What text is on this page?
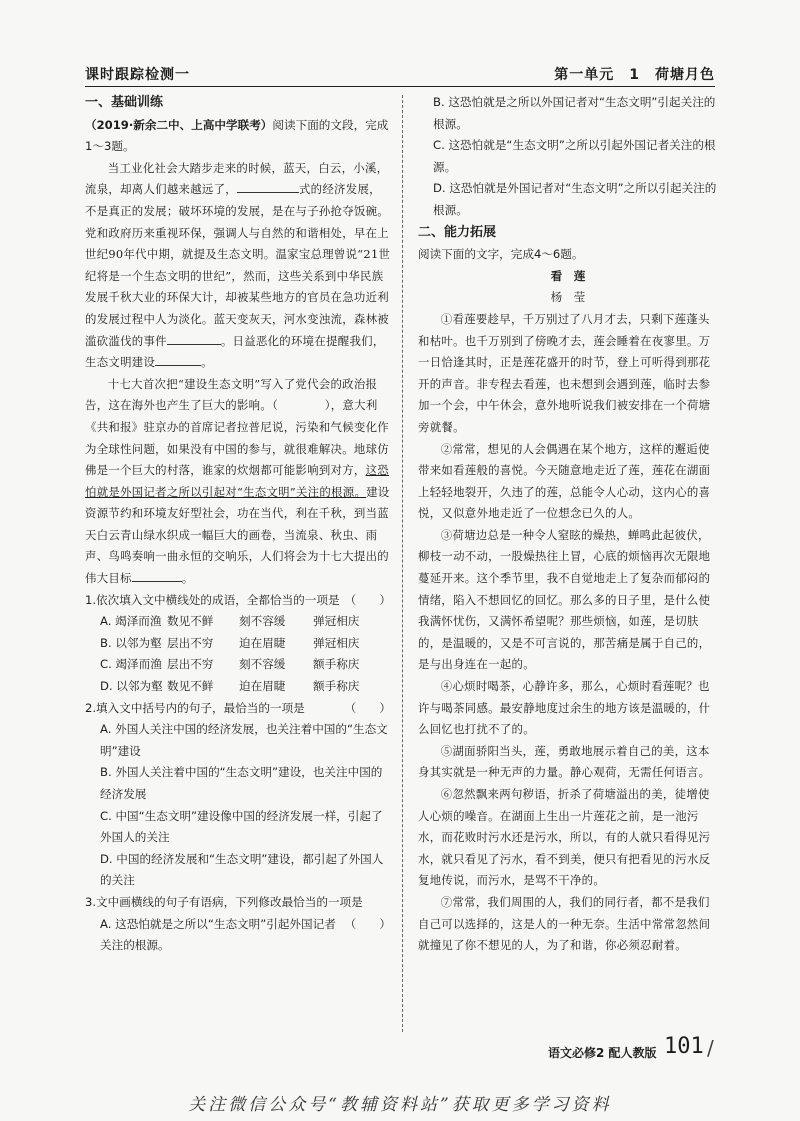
课时跟踪检测一	第一单元　1　荷塘月色

一、基础训练

（2019·新余二中、上高中学联考）阅读下面的文段，完成1～3题。

当工业化社会大踏步走来的时候，蓝天，白云，小溪，流泉，却离人们越来越远了，	式的经济发展，不是真正的发展；破坏环境的发展，是在与子孙抢夺饭碗。党和政府历来重视环保，强调人与自然的和谐相处，早在上世纪90年代中期，就提及生态文明。温家宝总理曾说“21世纪将是一个生态文明的世纪”，然而，这些关系到中华民族发展千秋大业的环保大计，却被某些地方的官员在急功近利的发展过程中人为淡化。蓝天变灰天，河水变浊流，森林被滥砍滥伐的事件	。日益恶化的环境在提醒我们，生态文明建设	。

十七大首次把“建设生态文明”写入了党代会的政治报告，这在海外也产生了巨大的影响。（　　　　），意大利《共和报》驻京办的首席记者拉普尼说，污染和气候变化作为全球性问题，如果没有中国的参与，就很难解决。地球仿佛是一个巨大的村落，谁家的炊烟都可能影响到对方，这恐怕就是外国记者之所以引起对“生态文明”关注的根源。建设资源节约和环境友好型社会，功在当代，利在千秋，到当蓝天白云青山绿水织成一幅巨大的画卷，当流泉、秋虫、雨声、鸟鸣奏响一曲永恒的交响乐，人们将会为十七大提出的伟大目标	。

1.依次填入文中横线处的成语，全都恰当的一项是 （　　）

A. 竭泽而渔 数见不鲜	刻不容缓	弹冠相庆
B. 以邻为壑 层出不穷	迫在眉睫	弹冠相庆
C. 竭泽而渔 层出不穷	刻不容缓	额手称庆
D. 以邻为壑 数见不鲜	迫在眉睫	额手称庆

2.填入文中括号内的句子，最恰当的一项是	（　　）

A. 外国人关注中国的经济发展，也关注着中国的“生态文明”建设

B. 外国人关注着中国的“生态文明”建设，也关注中国的经济发展

C. 中国“生态文明”建设像中国的经济发展一样，引起了外国人的关注

D. 中国的经济发展和“生态文明”建设，都引起了外国人的关注

3.文中画横线的句子有语病，下列修改最恰当的一项是
（　　）

A. 这恐怕就是之所以“生态文明”引起外国记者关注的根源。

B. 这恐怕就是之所以外国记者对“生态文明”引起关注的根源。

C. 这恐怕就是“生态文明”之所以引起外国记者关注的根源。

D. 这恐怕就是外国记者对“生态文明”之所以引起关注的根源。

二、能力拓展

阅读下面的文字，完成4～6题。

看　莲

杨　莹

①看莲要趁早，千万别过了八月才去，只剩下莲蓬头和枯叶。也千万别到了傍晚才去，莲会睡着在夜寥里。万一日恰逢其时，正是莲花盛开的时节，登上可听得到那花开的声音。非专程去看莲，也未想到会遇到莲，临时去参加一个会，中午休会，意外地听说我们被安排在一个荷塘旁就餐。

②常常，想见的人会偶遇在某个地方，这样的邂逅使带来如看莲般的喜悦。今天随意地走近了莲，莲花在湖面上轻轻地裂开，久违了的莲，总能令人心动，这内心的喜悦，又似意外地走近了一位想念已久的人。

③荷塘边总是一种令人窒眩的燥热，蝉鸣此起彼伏，柳枝一动不动，一股燥热往上冒，心底的烦恼再次无限地蔓延开来。这个季节里，我不自觉地走上了复杂而郁闷的情绪，陷入不想回忆的回忆。那么多的日子里，是什么使我满怀忧伤，又满怀希望呢？那些烦恼，如莲，是切肤的，是温暖的，又是不可言说的，那苦痛是属于自己的，是与出身连在一起的。

④心烦时喝茶，心静许多，那么，心烦时看莲呢？也许与喝茶同感。最安静地度过余生的地方该是温暖的，什么回忆也打扰不了的。

⑤湖面骄阳当头，莲，勇敢地展示着自己的美，这本身其实就是一种无声的力量。静心观荷，无需任何语言。

⑥忽然飘来两句秽语，折杀了荷塘溢出的美，徒增使人心烦的噪音。在湖面上生出一片莲花之前，是一池污水，而花败时污水还是污水，所以，有的人就只看得见污水，就只看见了污水，看不到美，便只有把看见的污水反复地传说，而污水，是骂不干净的。

⑦常常，我们周围的人，我们的同行者，都不是我们自己可以选择的，这是人的一种无奈。生活中常常忽然间就撞见了你不想见的人，为了和谐，你必须忍耐着。

语文必修2 配人教版 101 /
关注微信公众号“教辅资料站”获取更多学习资料
